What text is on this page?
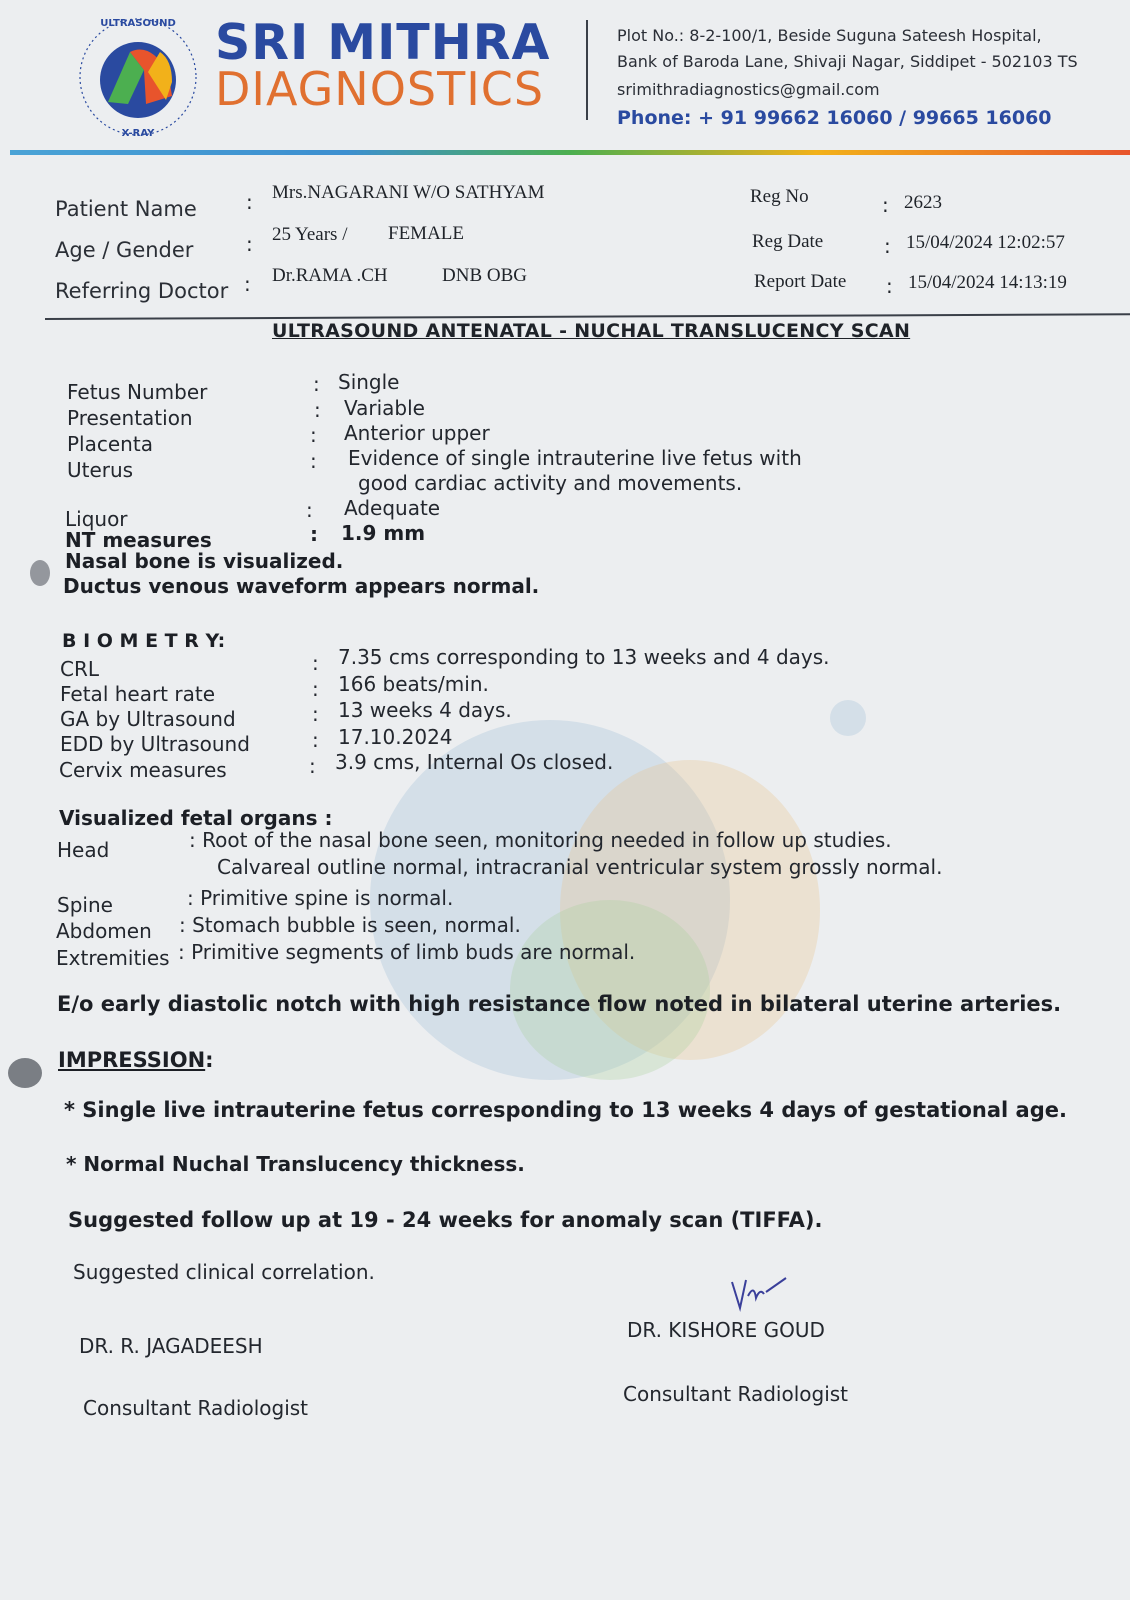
ULTRASOUND
X-RAY
SRI MITHRA
DIAGNOSTICS
Plot No.: 8-2-100/1, Beside Suguna Sateesh Hospital,
Bank of Baroda Lane, Shivaji Nagar, Siddipet - 502103 TS
srimithradiagnostics@gmail.com
Phone: + 91 99662 16060 / 99665 16060
Patient Name : Mrs.NAGARANI W/O SATHYAM
Age / Gender	: 25 Years / FEMALE
Referring Doctor : Dr.RAMA .CH	DNB OBG
Reg No	: 2623
Reg Date	: 15/04/2024 12:02:57
Report Date : 15/04/2024 14:13:19
ULTRASOUND ANTENATAL - NUCHAL TRANSLUCENCY SCAN
Fetus Number	: Single
Presentation	: Variable
Placenta	: Anterior upper
Uterus	: Evidence of single intrauterine live fetus with
good cardiac activity and movements.
Liquor	: Adequate
NT measures	: 1.9 mm
Nasal bone is visualized.
Ductus venous waveform appears normal.
B I O M E T R Y:
CRL	: 7.35 cms corresponding to 13 weeks and 4 days.
Fetal heart rate	: 166 beats/min.
GA by Ultrasound	: 13 weeks 4 days.
EDD by Ultrasound	: 17.10.2024
Cervix measures	: 3.9 cms, Internal Os closed.
Visualized fetal organs :
Head	: Root of the nasal bone seen, monitoring needed in follow up studies.
Calvareal outline normal, intracranial ventricular system grossly normal.
Spine	: Primitive spine is normal.
Abdomen : Stomach bubble is seen, normal.
Extremities : Primitive segments of limb buds are normal.
E/o early diastolic notch with high resistance flow noted in bilateral uterine arteries.
IMPRESSION:
* Single live intrauterine fetus corresponding to 13 weeks 4 days of gestational age.
* Normal Nuchal Translucency thickness.
Suggested follow up at 19 - 24 weeks for anomaly scan (TIFFA).
Suggested clinical correlation.
DR. R. JAGADEESH
Consultant Radiologist
DR. KISHORE GOUD
Consultant Radiologist
